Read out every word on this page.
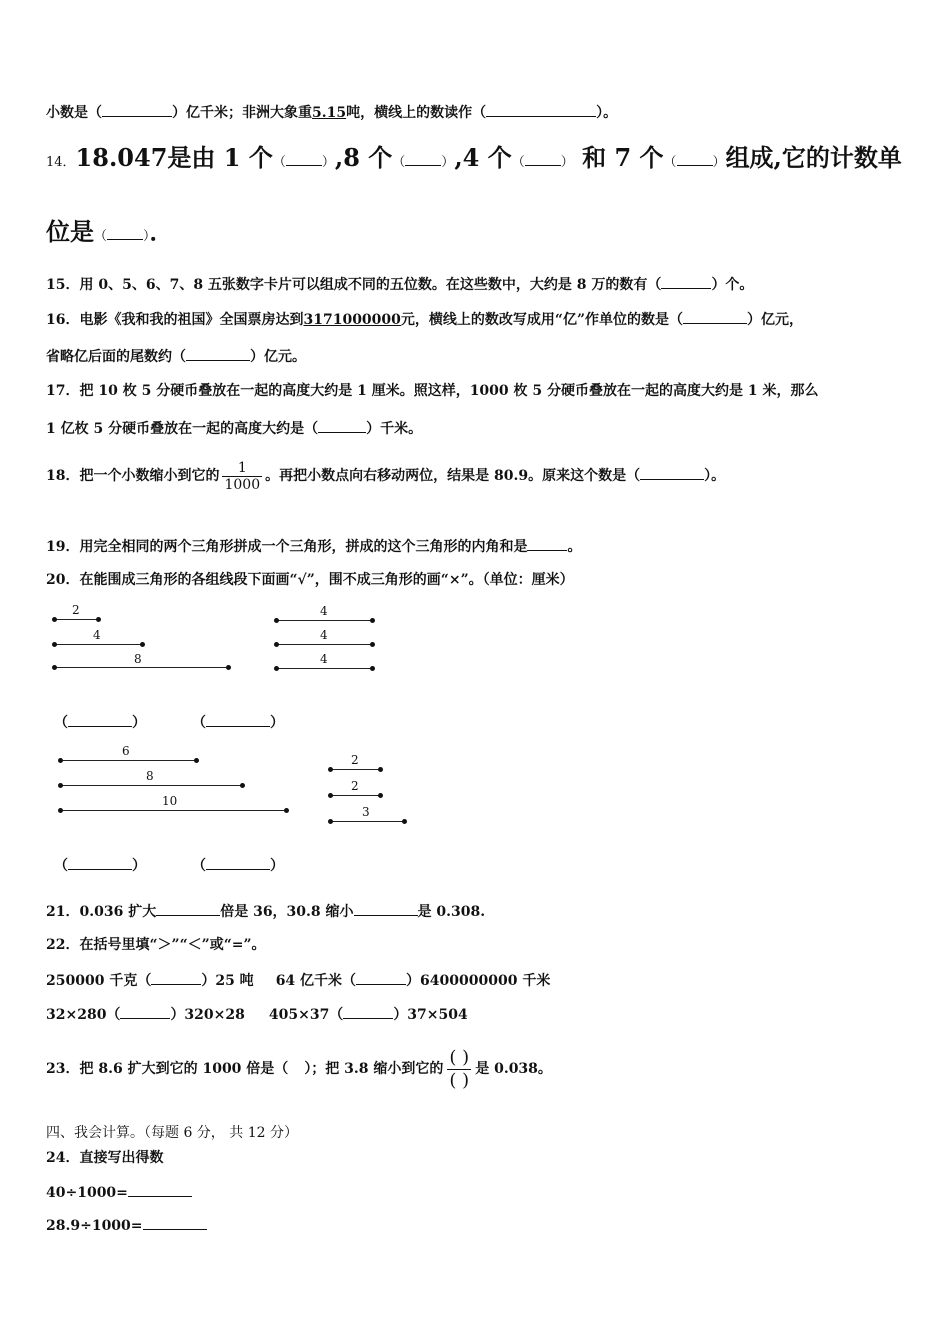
小数是（	）亿千米；非洲大象重5.15吨，横线上的数读作（	）。
14．18.047是由 1 个（	）,8 个（	）,4 个（	） 和 7 个（	）组成,它的计数单
位是（	）．
15．用 0、5、6、7、8 五张数字卡片可以组成不同的五位数。在这些数中，大约是 8 万的数有（	）个。
16．电影《我和我的祖国》全国票房达到3171000000元，横线上的数改写成用“亿”作单位的数是（	）亿元，
省略亿后面的尾数约（	）亿元。
17．把 10 枚 5 分硬币叠放在一起的高度大约是 1 厘米。照这样，1000 枚 5 分硬币叠放在一起的高度大约是 1 米，那么
1 亿枚 5 分硬币叠放在一起的高度大约是（	）千米。
18．把一个小数缩小到它的 $\frac{1}{1000}$ 。再把小数点向右移动两位，结果是 80.9。原来这个数是（	）。
19．用完全相同的两个三角形拼成一个三角形，拼成的这个三角形的内角和是	。
20．在能围成三角形的各组线段下面画“√”，围不成三角形的画“×”。（单位：厘米）
2
4
8
4
4
4
（	）	（	）
6
8
10
2
2
3
（	）	（	）
21．0.036 扩大	倍是 36，30.8 缩小	是 0.308.
22．在括号里填“＞”“＜”或“=”。
250000 千克（	）25 吨 64 亿千米（	）6400000000 千米
32×280（	）320×28 405×37（	）37×504
23．把 8.6 扩大到它的 1000 倍是（ ）；把 3.8 缩小到它的 $\frac{( )}{( )}$ 是 0.038。
四、我会计算。（每题 6 分， 共 12 分）
24．直接写出得数
40÷1000=
28.9÷1000=
